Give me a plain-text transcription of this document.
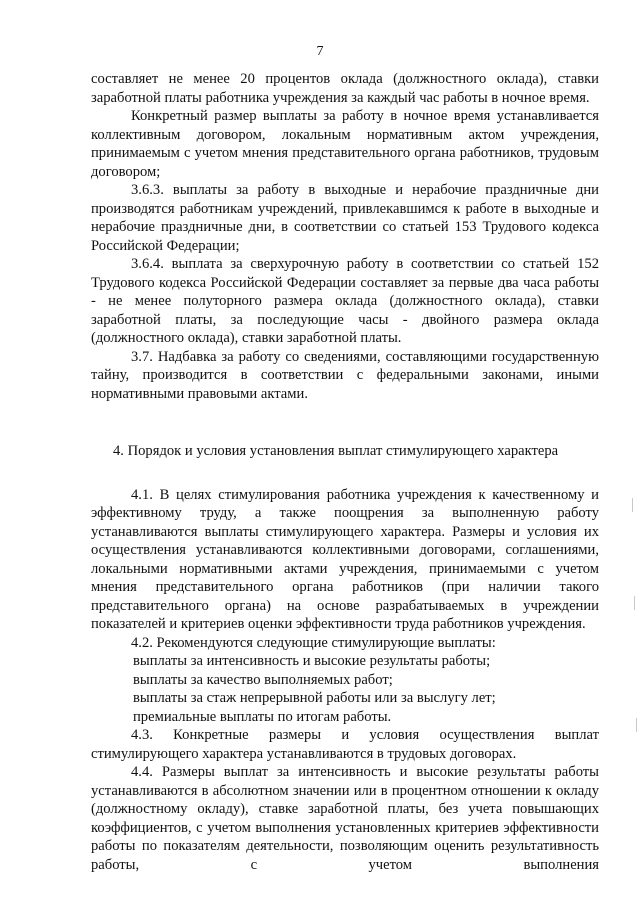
7

составляет не менее 20 процентов оклада (должностного оклада), ставки заработной платы работника учреждения за каждый час работы в ночное время.

Конкретный размер выплаты за работу в ночное время устанавливается коллективным договором, локальным нормативным актом учреждения, принимаемым с учетом мнения представительного органа работников, трудовым договором;

3.6.3. выплаты за работу в выходные и нерабочие праздничные дни производятся работникам учреждений, привлекавшимся к работе в выходные и нерабочие праздничные дни, в соответствии со статьей 153 Трудового кодекса Российской Федерации;

3.6.4. выплата за сверхурочную работу в соответствии со статьей 152 Трудового кодекса Российской Федерации составляет за первые два часа работы - не менее полуторного размера оклада (должностного оклада), ставки заработной платы, за последующие часы - двойного размера оклада (должностного оклада), ставки заработной платы.

3.7. Надбавка за работу со сведениями, составляющими государственную тайну, производится в соответствии с федеральными законами, иными нормативными правовыми актами.

4. Порядок и условия установления выплат стимулирующего характера

4.1. В целях стимулирования работника учреждения к качественному и эффективному труду, а также поощрения за выполненную работу устанавливаются выплаты стимулирующего характера. Размеры и условия их осуществления устанавливаются коллективными договорами, соглашениями, локальными нормативными актами учреждения, принимаемыми с учетом мнения представительного органа работников (при наличии такого представительного органа) на основе разрабатываемых в учреждении показателей и критериев оценки эффективности труда работников учреждения.

4.2. Рекомендуются следующие стимулирующие выплаты:

выплаты за интенсивность и высокие результаты работы;

выплаты за качество выполняемых работ;

выплаты за стаж непрерывной работы или за выслугу лет;

премиальные выплаты по итогам работы.

4.3. Конкретные размеры и условия осуществления выплат стимулирующего характера устанавливаются в трудовых договорах.

4.4. Размеры выплат за интенсивность и высокие результаты работы устанавливаются в абсолютном значении или в процентном отношении к окладу (должностному окладу), ставке заработной платы, без учета повышающих коэффициентов, с учетом выполнения установленных критериев эффективности работы по показателям деятельности, позволяющим оценить результативность работы, с учетом выполнения
